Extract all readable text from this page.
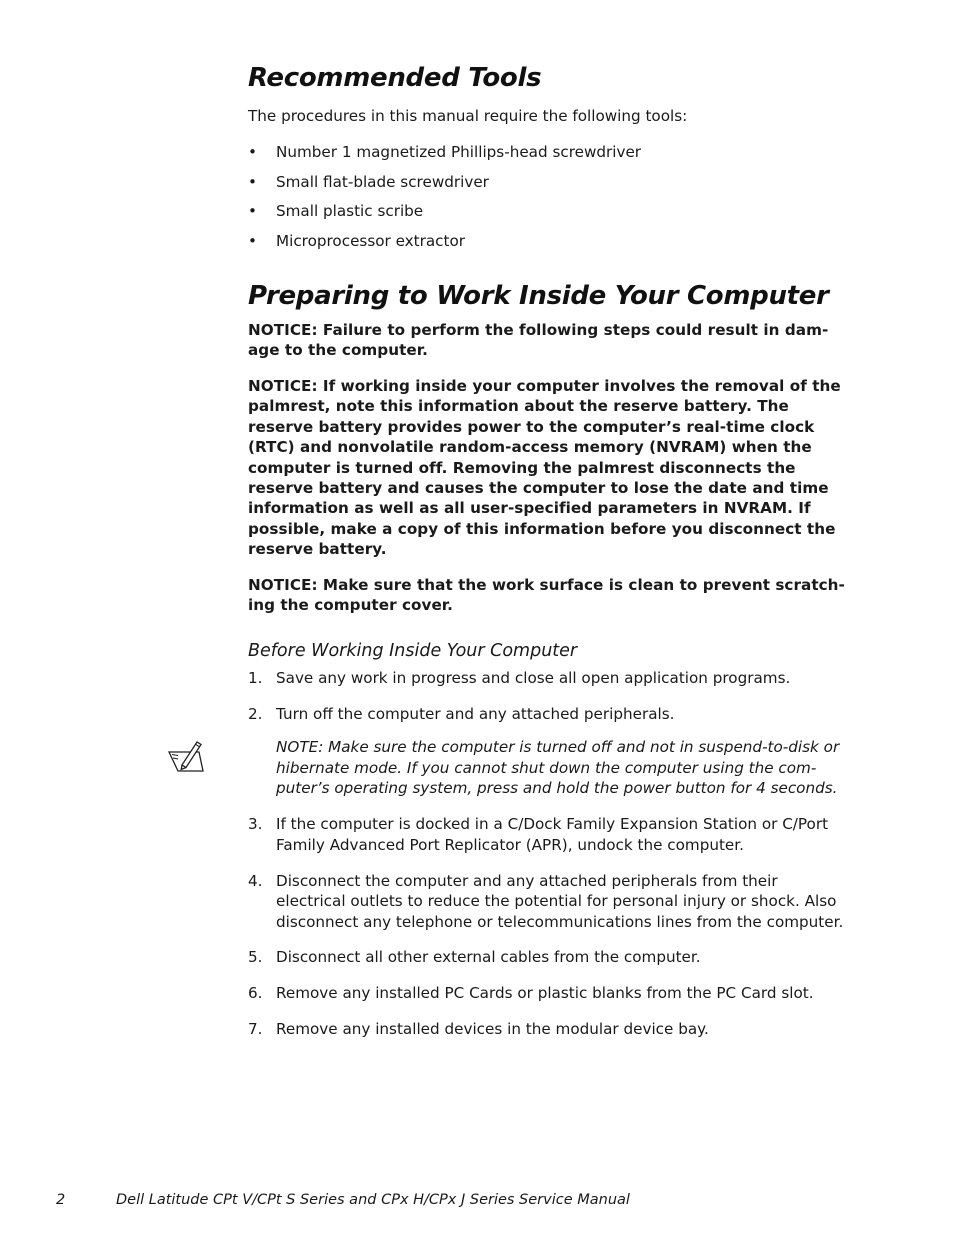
Recommended Tools

The procedures in this manual require the following tools:

• Number 1 magnetized Phillips-head screwdriver
• Small flat-blade screwdriver
• Small plastic scribe
• Microprocessor extractor
Preparing to Work Inside Your Computer

NOTICE: Failure to perform the following steps could result in dam-age to the computer.

NOTICE: If working inside your computer involves the removal of the palmrest, note this information about the reserve battery. The reserve battery provides power to the computer’s real-time clock (RTC) and nonvolatile random-access memory (NVRAM) when the computer is turned off. Removing the palmrest disconnects the reserve battery and causes the computer to lose the date and time information as well as all user-specified parameters in NVRAM. If possible, make a copy of this information before you disconnect the reserve battery.

NOTICE: Make sure that the work surface is clean to prevent scratch-ing the computer cover.

Before Working Inside Your Computer
1. Save any work in progress and close all open application programs.
2. Turn off the computer and any attached peripherals.

NOTE: Make sure the computer is turned off and not in suspend-to-disk or hibernate mode. If you cannot shut down the computer using the com-puter’s operating system, press and hold the power button for 4 seconds.

3. If the computer is docked in a C/Dock Family Expansion Station or C/Port Family Advanced Port Replicator (APR), undock the computer.
4. Disconnect the computer and any attached peripherals from their electrical outlets to reduce the potential for personal injury or shock. Also disconnect any telephone or telecommunications lines from the computer.
5. Disconnect all other external cables from the computer.
6. Remove any installed PC Cards or plastic blanks from the PC Card slot.
7. Remove any installed devices in the modular device bay.
2	Dell Latitude CPt V/CPt S Series and CPx H/CPx J Series Service Manual
